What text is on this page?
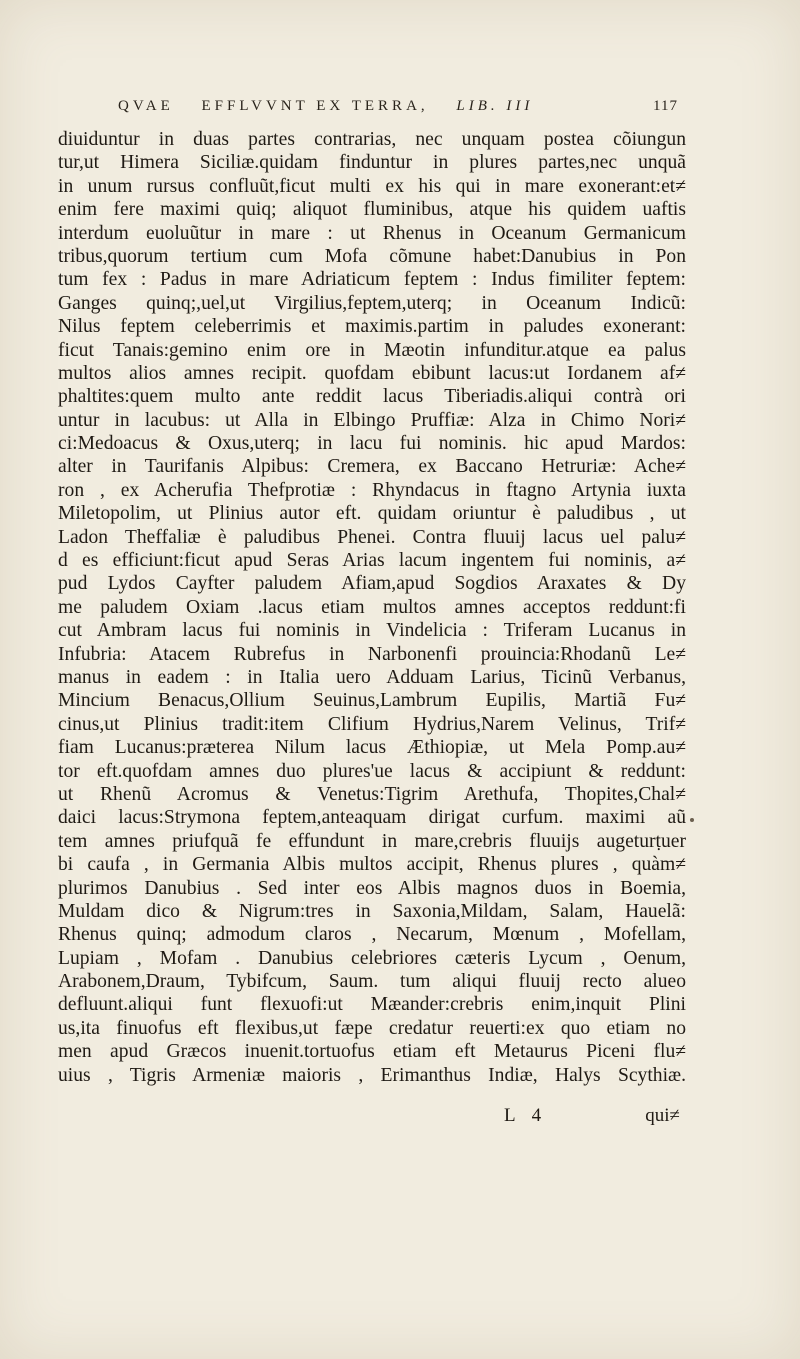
QVAE EFFLVVNT EX TERRA, LIB. III	117
diuiduntur in duas partes contrarias, nec unquam postea cõiungun
tur,ut Himera Siciliæ.quidam finduntur in plures partes,nec unquã
in unum rursus confluũt,ficut multi ex his qui in mare exonerant:et≠
enim fere maximi quiq; aliquot fluminibus, atque his quidem uaftis
interdum euoluũtur in mare : ut Rhenus in Oceanum Germanicum
tribus,quorum tertium cum Mofa cõmune habet:Danubius in Pon
tum fex : Padus in mare Adriaticum feptem : Indus fimiliter feptem:
Ganges quinq;,uel,ut Virgilius,feptem,uterq; in Oceanum Indicũ:
Nilus feptem celeberrimis et maximis.partim in paludes exonerant:
ficut Tanais:gemino enim ore in Mæotin infunditur.atque ea palus
multos alios amnes recipit. quofdam ebibunt lacus:ut Iordanem af≠
phaltites:quem multo ante reddit lacus Tiberiadis.aliqui contrà ori
untur in lacubus: ut Alla in Elbingo Pruffiæ: Alza in Chimo Nori≠
ci:Medoacus & Oxus,uterq; in lacu fui nominis. hic apud Mardos:
alter in Taurifanis Alpibus: Cremera, ex Baccano Hetruriæ: Ache≠
ron , ex Acherufia Thefprotiæ : Rhyndacus in ftagno Artynia iuxta
Miletopolim, ut Plinius autor eft. quidam oriuntur è paludibus , ut
Ladon Theffaliæ è paludibus Phenei. Contra fluuij lacus uel palu≠
d es efficiunt:ficut apud Seras Arias lacum ingentem fui nominis, a≠
pud Lydos Cayfter paludem Afiam,apud Sogdios Araxates & Dy
me paludem Oxiam .lacus etiam multos amnes acceptos reddunt:fi
cut Ambram lacus fui nominis in Vindelicia : Triferam Lucanus in
Infubria: Atacem Rubrefus in Narbonenfi prouincia:Rhodanũ Le≠
manus in eadem : in Italia uero Adduam Larius, Ticinũ Verbanus,
Mincium Benacus,Ollium Seuinus,Lambrum Eupilis, Martiã Fu≠
cinus,ut Plinius tradit:item Clifium Hydrius,Narem Velinus, Trif≠
fiam Lucanus:præterea Nilum lacus Æthiopiæ, ut Mela Pomp.au≠
tor eft.quofdam amnes duo plures'ue lacus & accipiunt & reddunt:
ut Rhenũ Acromus & Venetus:Tigrim Arethufa, Thopites,Chal≠
daici lacus:Strymona feptem,anteaquam dirigat curfum. maximi aũ
tem amnes priufquã fe effundunt in mare,crebris fluuijs augeturṭuer
bi caufa , in Germania Albis multos accipit, Rhenus plures , quàm≠
plurimos Danubius . Sed inter eos Albis magnos duos in Boemia,
Muldam dico & Nigrum:tres in Saxonia,Mildam, Salam, Hauelã:
Rhenus quinq; admodum claros , Necarum, Mœnum , Mofellam,
Lupiam , Mofam . Danubius celebriores cæteris Lycum , Oenum,
Arabonem,Draum, Tybifcum, Saum. tum aliqui fluuij recto alueo
defluunt.aliqui funt flexuofi:ut Mæander:crebris enim,inquit Plini
us,ita finuofus eft flexibus,ut fæpe credatur reuerti:ex quo etiam no
men apud Græcos inuenit.tortuofus etiam eft Metaurus Piceni flu≠
uius , Tigris Armeniæ maioris , Erimanthus Indiæ, Halys Scythiæ.
L 4	qui≠
